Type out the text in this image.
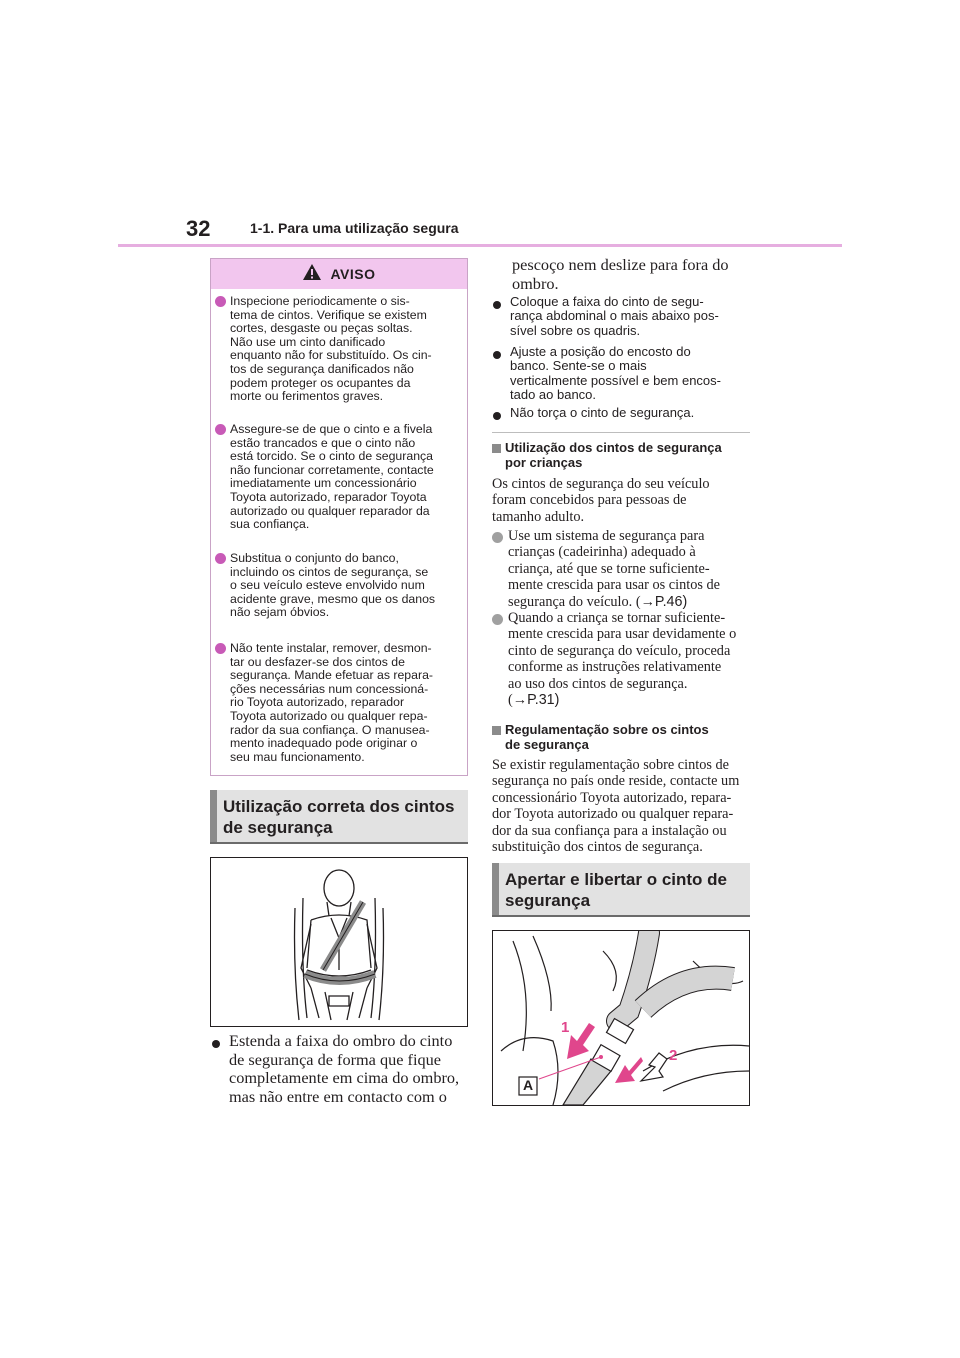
32	1-1. Para uma utilização segura
AVISO
Inspecione periodicamente o sis-
tema de cintos. Verifique se existem
cortes, desgaste ou peças soltas.
Não use um cinto danificado
enquanto não for substituído. Os cin-
tos de segurança danificados não
podem proteger os ocupantes da
morte ou ferimentos graves.
Assegure-se de que o cinto e a fivela
estão trancados e que o cinto não
está torcido. Se o cinto de segurança
não funcionar corretamente, contacte
imediatamente um concessionário
Toyota autorizado, reparador Toyota
autorizado ou qualquer reparador da
sua confiança.
Substitua o conjunto do banco,
incluindo os cintos de segurança, se
o seu veículo esteve envolvido num
acidente grave, mesmo que os danos
não sejam óbvios.
Não tente instalar, remover, desmon-
tar ou desfazer-se dos cintos de
segurança. Mande efetuar as repara-
ções necessárias num concessioná-
rio Toyota autorizado, reparador
Toyota autorizado ou qualquer repa-
rador da sua confiança. O manusea-
mento inadequado pode originar o
seu mau funcionamento.
Utilização correta dos cintos
de segurança
Estenda a faixa do ombro do cinto
de segurança de forma que fique
completamente em cima do ombro,
mas não entre em contacto com o
pescoço nem deslize para fora do
ombro.
Coloque a faixa do cinto de segu-
rança abdominal o mais abaixo pos-
sível sobre os quadris.
Ajuste a posição do encosto do
banco. Sente-se o mais
verticalmente possível e bem encos-
tado ao banco.
Não torça o cinto de segurança.
Utilização dos cintos de segurança
por crianças
Os cintos de segurança do seu veículo
foram concebidos para pessoas de
tamanho adulto.
Use um sistema de segurança para
crianças (cadeirinha) adequado à
criança, até que se torne suficiente-
mente crescida para usar os cintos de
segurança do veículo. (→P.46)
Quando a criança se tornar suficiente-
mente crescida para usar devidamente o
cinto de segurança do veículo, proceda
conforme as instruções relativamente
ao uso dos cintos de segurança.
(→P.31)
Regulamentação sobre os cintos
de segurança
Se existir regulamentação sobre cintos de
segurança no país onde reside, contacte um
concessionário Toyota autorizado, repara-
dor Toyota autorizado ou qualquer repara-
dor da sua confiança para a instalação ou
substituição dos cintos de segurança.
Apertar e libertar o cinto de
segurança
1
2
A
